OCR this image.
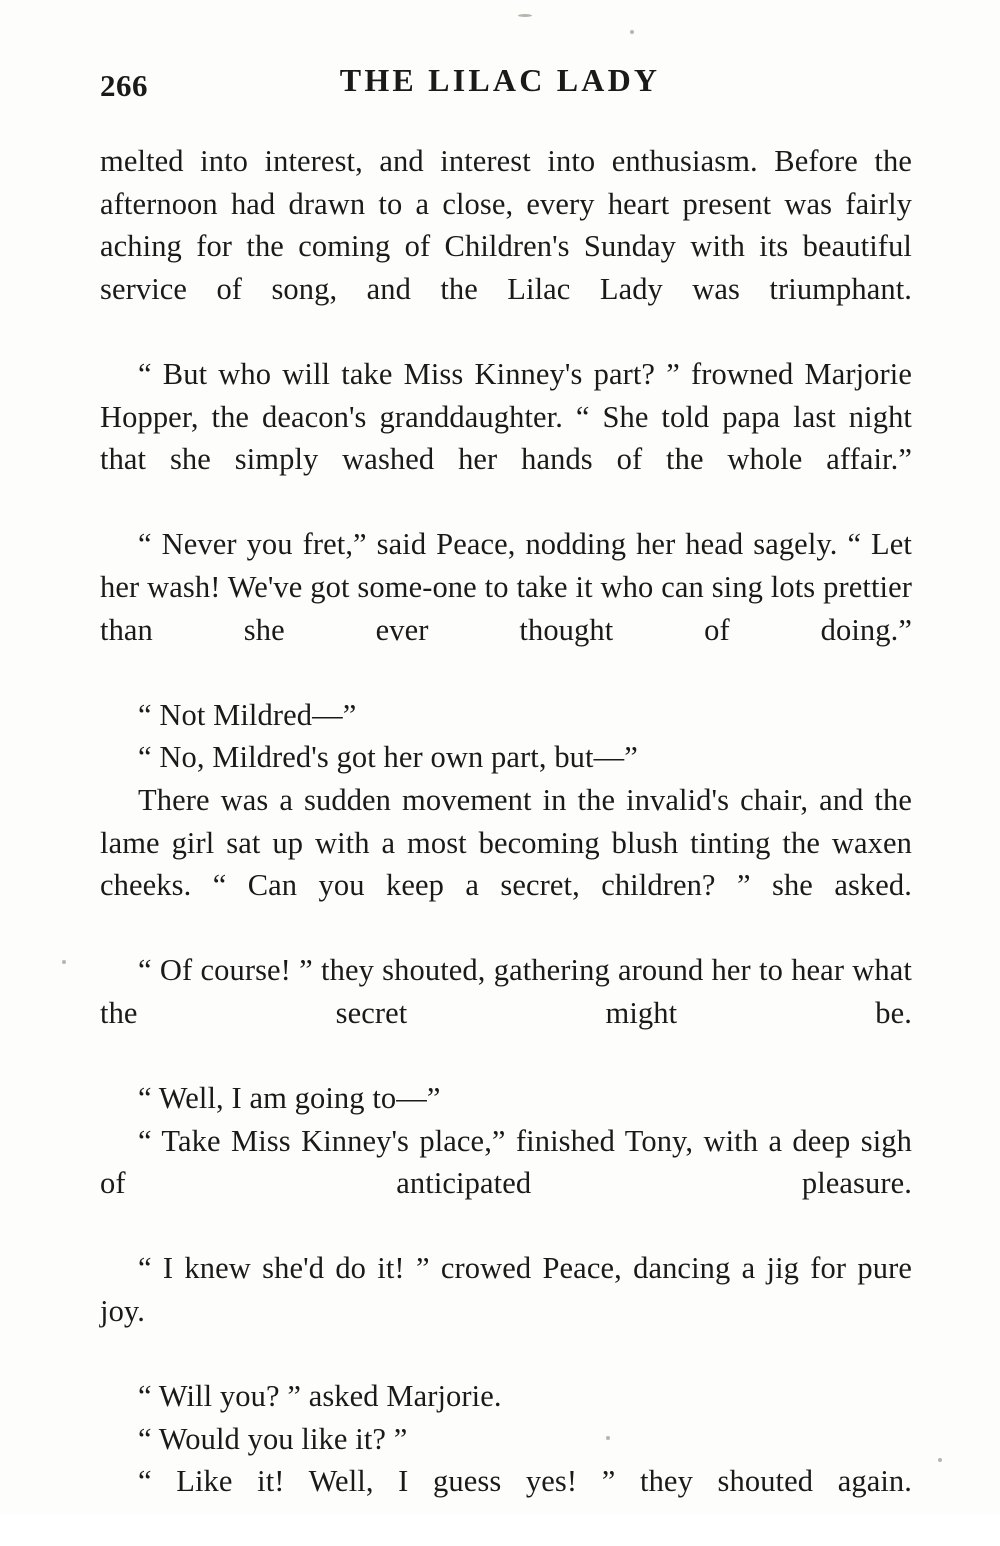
266	THE LILAC LADY

melted into interest, and interest into enthusiasm. Before the afternoon had drawn to a close, every heart present was fairly aching for the coming of Children's Sunday with its beautiful service of song, and the Lilac Lady was triumphant.

“ But who will take Miss Kinney's part? ” frowned Marjorie Hopper, the deacon's granddaughter. “ She told papa last night that she simply washed her hands of the whole affair.”

“ Never you fret,” said Peace, nodding her head sagely. “ Let her wash! We've got some-one to take it who can sing lots prettier than she ever thought of doing.”

“ Not Mildred—”

“ No, Mildred's got her own part, but—”

There was a sudden movement in the invalid's chair, and the lame girl sat up with a most becoming blush tinting the waxen cheeks. “ Can you keep a secret, children? ” she asked.

“ Of course! ” they shouted, gathering around her to hear what the secret might be.

“ Well, I am going to—”

“ Take Miss Kinney's place,” finished Tony, with a deep sigh of anticipated pleasure.

“ I knew she'd do it! ” crowed Peace, dancing a jig for pure joy.

“ Will you? ” asked Marjorie.

“ Would you like it? ”

“ Like it! Well, I guess yes! ” they shouted again.
